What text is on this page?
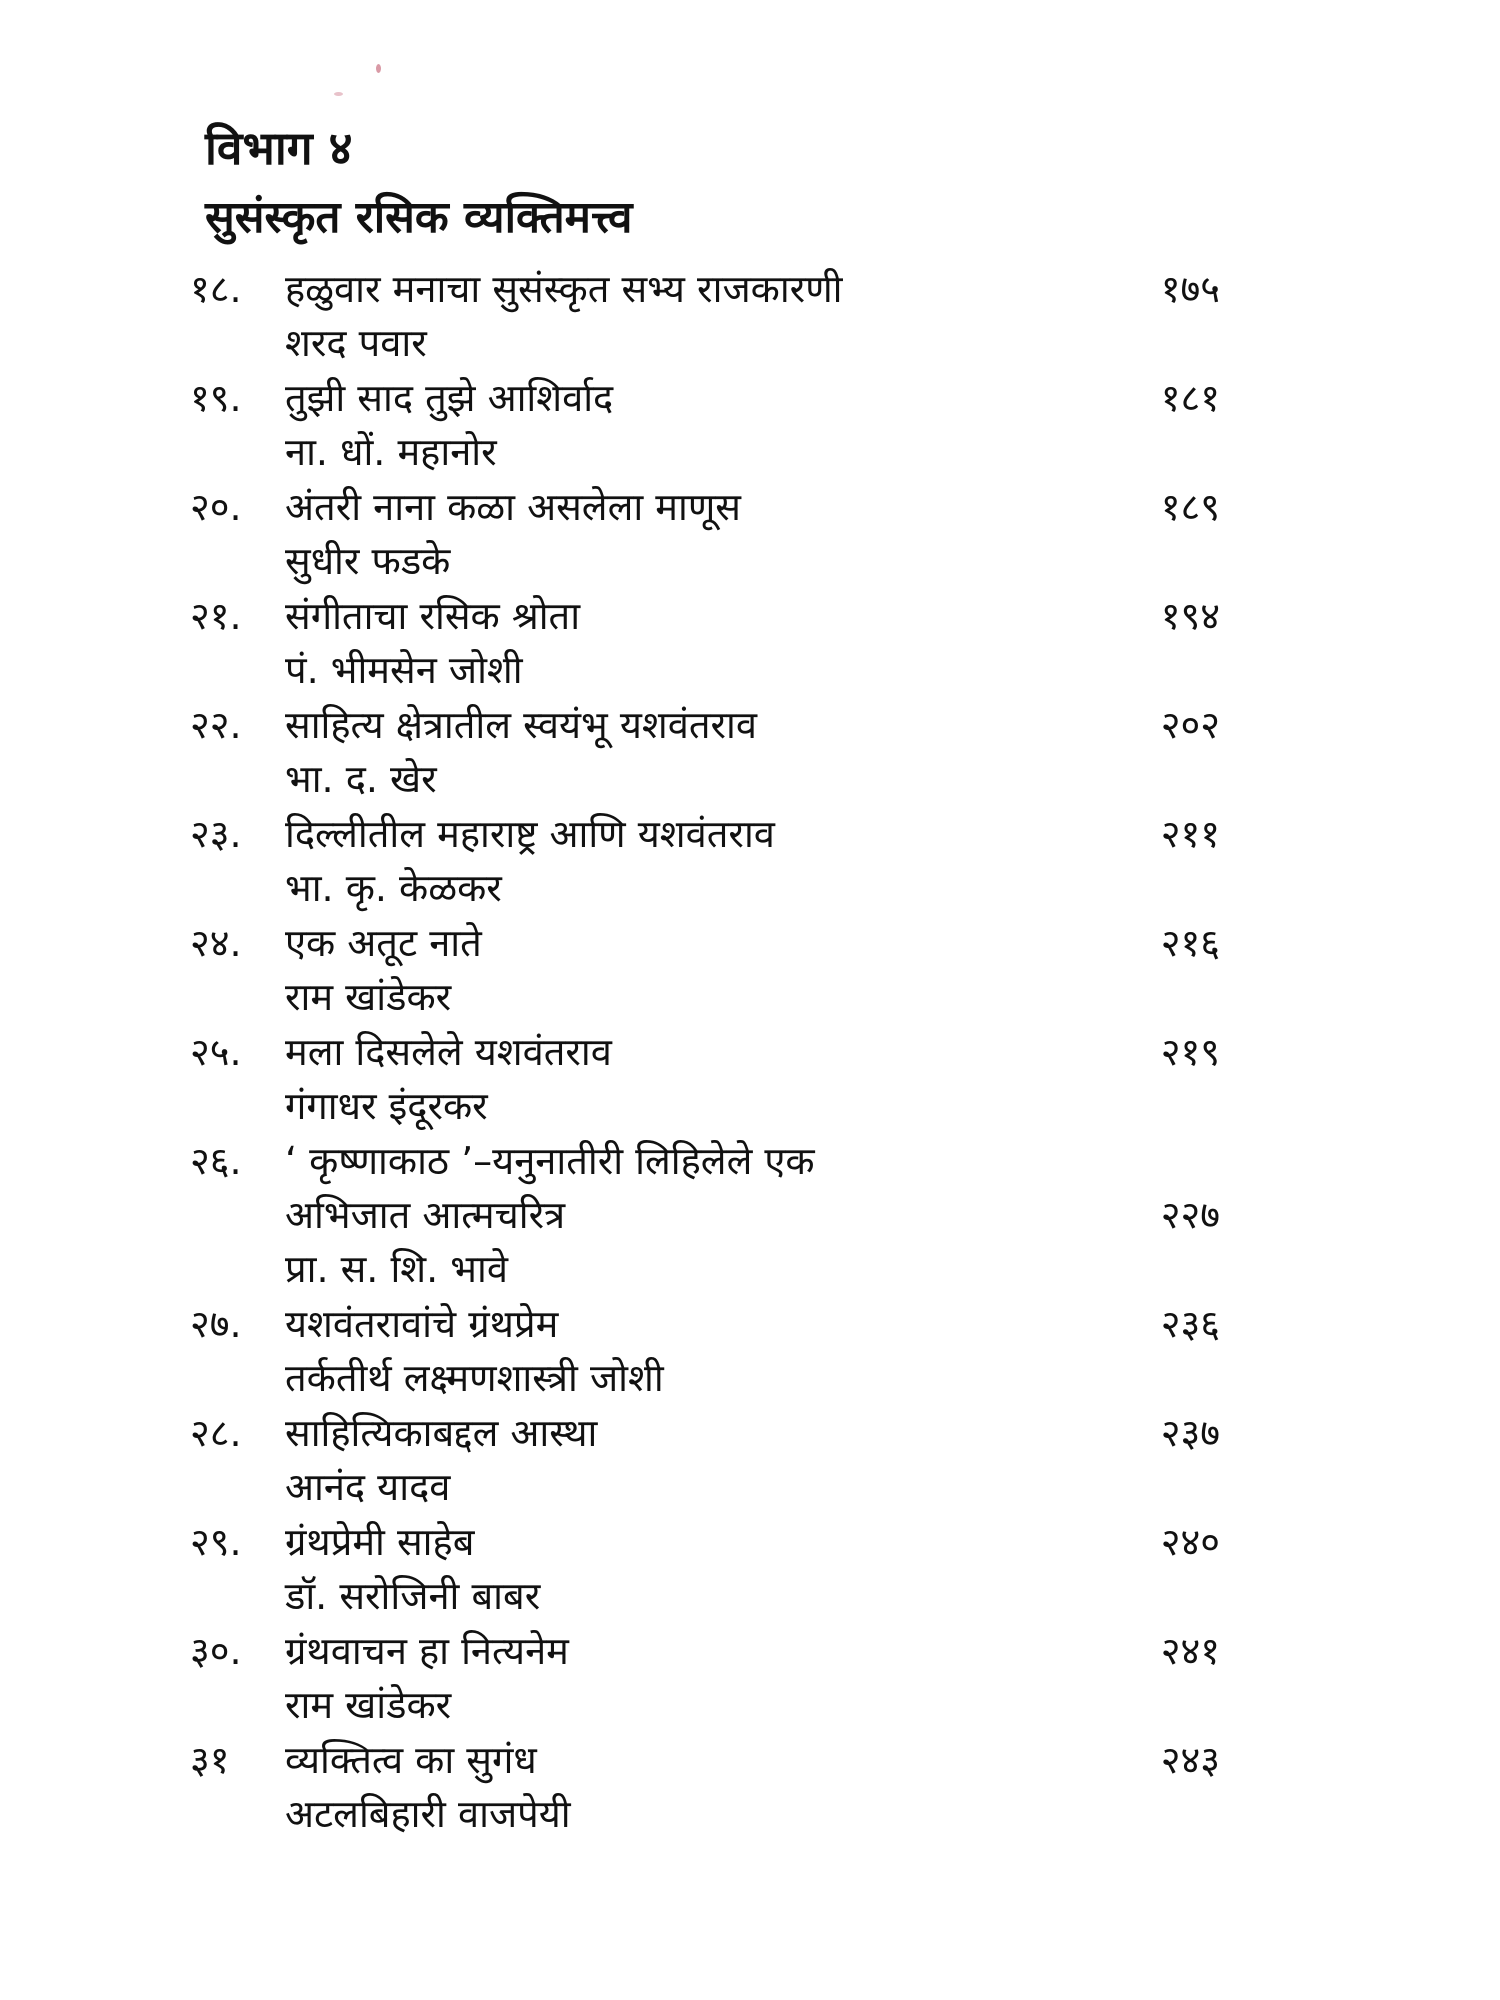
विभाग ४
सुसंस्कृत रसिक व्यक्तिमत्त्व
१८. हळुवार मनाचा सुसंस्कृत सभ्य राजकारणी
शरद पवार
१७५
१९. तुझी साद तुझे आशिर्वाद
ना. धों. महानोर
१८१
२०. अंतरी नाना कळा असलेला माणूस
सुधीर फडके
१८९
२१. संगीताचा रसिक श्रोता
पं. भीमसेन जोशी
१९४
२२. साहित्य क्षेत्रातील स्वयंभू यशवंतराव
भा. द. खेर
२०२
२३. दिल्लीतील महाराष्ट्र आणि यशवंतराव
भा. कृ. केळकर
२११
२४. एक अतूट नाते
राम खांडेकर
२१६
२५. मला दिसलेले यशवंतराव
गंगाधर इंदूरकर
२१९
२६. ‘ कृष्णाकाठ ’–यनुनातीरी लिहिलेले एक
अभिजात आत्मचरित्र
प्रा. स. शि. भावे
२२७
२७. यशवंतरावांचे ग्रंथप्रेम
तर्कतीर्थ लक्ष्मणशास्त्री जोशी
२३६
२८. साहित्यिकाबद्दल आस्था
आनंद यादव
२३७
२९. ग्रंथप्रेमी साहेब
डॉ. सरोजिनी बाबर
२४०
३०. ग्रंथवाचन हा नित्यनेम
राम खांडेकर
२४१
३१ व्यक्तित्व का सुगंध
अटलबिहारी वाजपेयी
२४३
